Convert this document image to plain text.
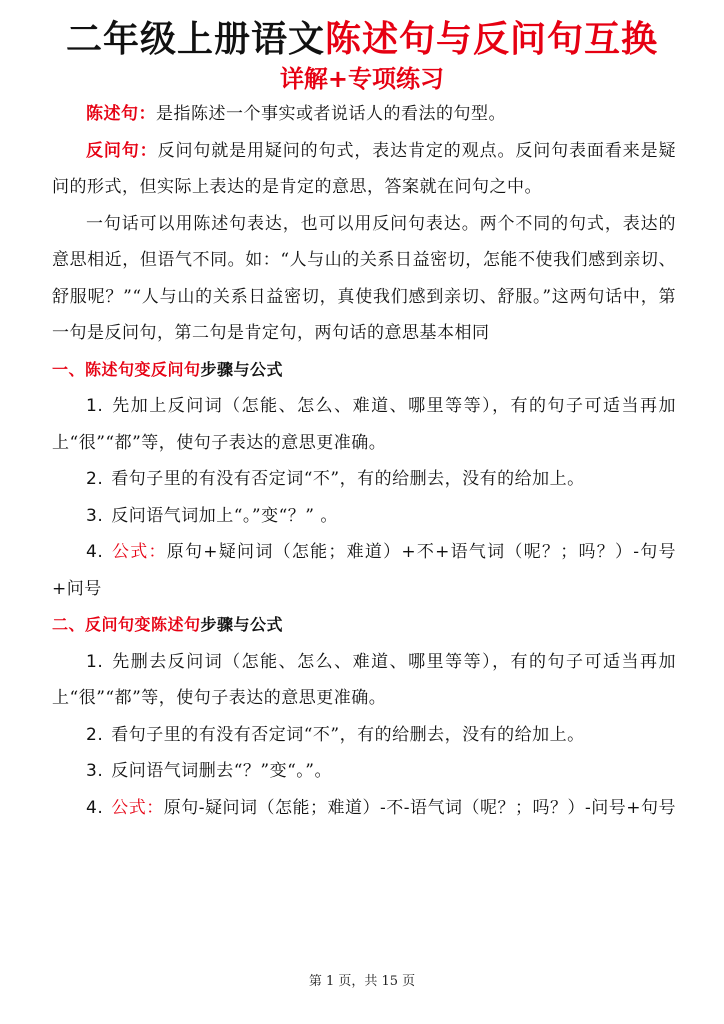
二年级上册语文陈述句与反问句互换
详解+专项练习

陈述句：是指陈述一个事实或者说话人的看法的句型。

反问句：反问句就是用疑问的句式，表达肯定的观点。反问句表面看来是疑问的形式，但实际上表达的是肯定的意思，答案就在问句之中。

一句话可以用陈述句表达，也可以用反问句表达。两个不同的句式，表达的意思相近，但语气不同。如：“人与山的关系日益密切，怎能不使我们感到亲切、舒服呢？”“人与山的关系日益密切，真使我们感到亲切、舒服。”这两句话中，第一句是反问句，第二句是肯定句，两句话的意思基本相同

一、陈述句变反问句步骤与公式

1. 先加上反问词（怎能、怎么、难道、哪里等等），有的句子可适当再加上“很”“都”等，使句子表达的意思更准确。

2. 看句子里的有没有否定词“不”，有的给删去，没有的给加上。

3. 反问语气词加上“。”变“？” 。

4. 公式：原句+疑问词（怎能；难道）+不+语气词（呢？；吗？）-句号+问号

二、反问句变陈述句步骤与公式

1. 先删去反问词（怎能、怎么、难道、哪里等等），有的句子可适当再加上“很”“都”等，使句子表达的意思更准确。

2. 看句子里的有没有否定词“不”，有的给删去，没有的给加上。

3. 反问语气词删去“？”变“。”。

4. 公式：原句-疑问词（怎能；难道）-不-语气词（呢？；吗？）-问号+句号

第 1 页，共 15 页
